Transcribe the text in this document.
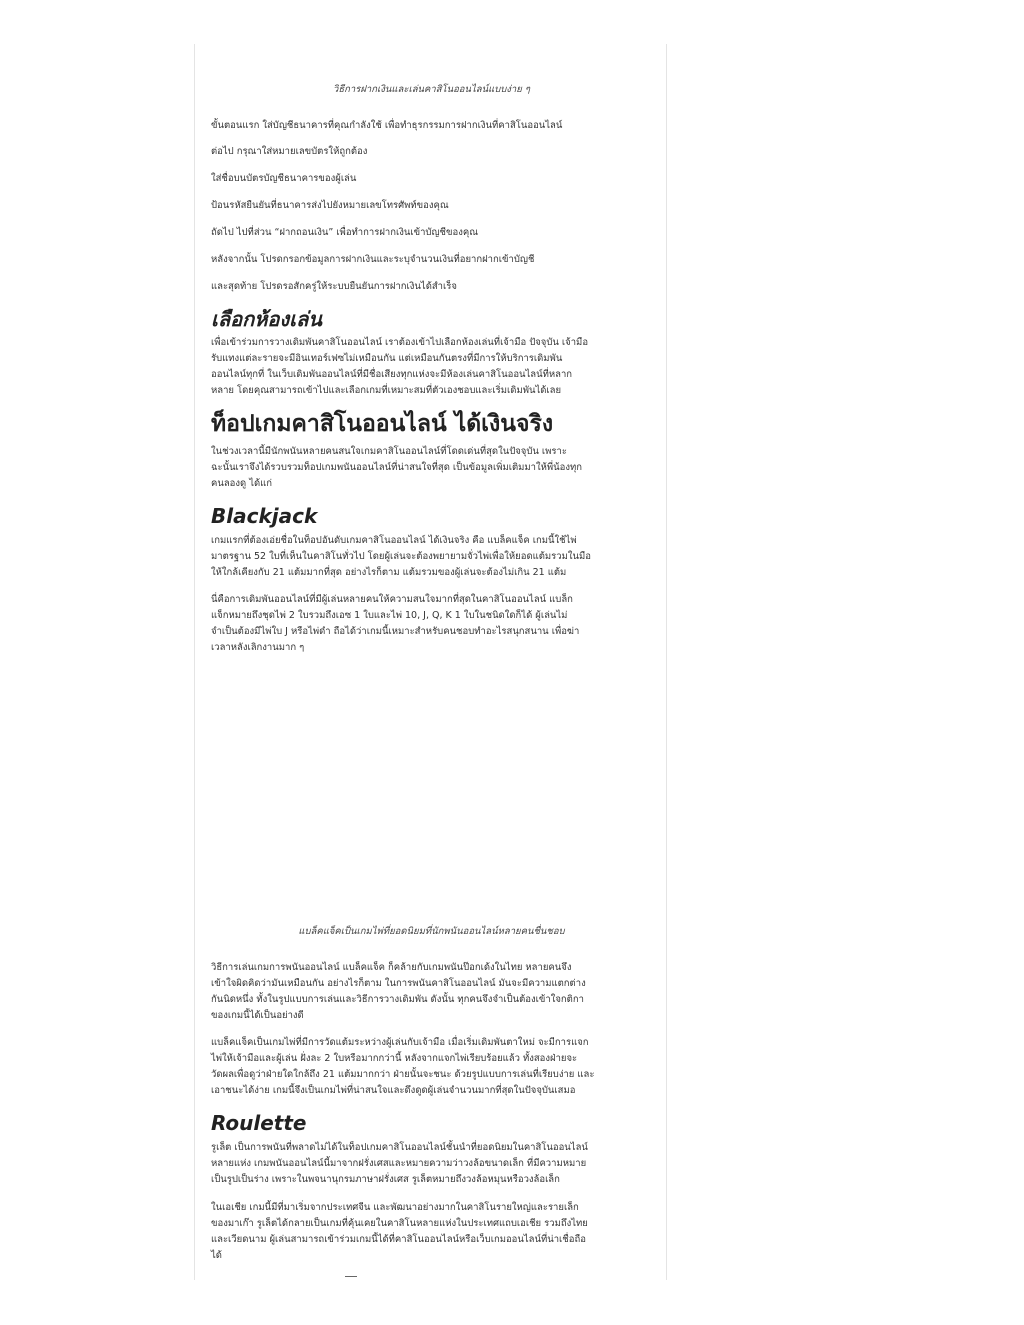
วิธีการฝากเงินและเล่นคาสิโนออนไลน์แบบง่าย ๆ

ขั้นตอนแรก ใส่บัญชีธนาคารที่คุณกำลังใช้ เพื่อทำธุรกรรมการฝากเงินที่คาสิโนออนไลน์

ต่อไป กรุณาใส่หมายเลขบัตรให้ถูกต้อง

ใส่ชื่อบนบัตรบัญชีธนาคารของผู้เล่น

ป้อนรหัสยืนยันที่ธนาคารส่งไปยังหมายเลขโทรศัพท์ของคุณ

ถัดไป ไปที่ส่วน “ฝากถอนเงิน” เพื่อทำการฝากเงินเข้าบัญชีของคุณ

หลังจากนั้น โปรดกรอกข้อมูลการฝากเงินและระบุจำนวนเงินที่อยากฝากเข้าบัญชี

และสุดท้าย โปรดรอสักครู่ให้ระบบยืนยันการฝากเงินได้สำเร็จ

เลือกห้องเล่น

เพื่อเข้าร่วมการวางเดิมพันคาสิโนออนไลน์ เราต้องเข้าไปเลือกห้องเล่นที่เจ้ามือ ปัจจุบัน เจ้ามือ

รับแทงแต่ละรายจะมีอินเทอร์เฟซไม่เหมือนกัน แต่เหมือนกันตรงที่มีการให้บริการเดิมพัน

ออนไลน์ทุกที่ ในเว็บเดิมพันออนไลน์ที่มีชื่อเสียงทุกแห่งจะมีห้องเล่นคาสิโนออนไลน์ที่หลาก

หลาย โดยคุณสามารถเข้าไปและเลือกเกมที่เหมาะสมที่ตัวเองชอบและเริ่มเดิมพันได้เลย

ท็อปเกมคาสิโนออนไลน์ ได้เงินจริง

ในช่วงเวลานี้มีนักพนันหลายคนสนใจเกมคาสิโนออนไลน์ที่โดดเด่นที่สุดในปัจจุบัน เพราะ

ฉะนั้นเราจึงได้รวบรวมท็อปเกมพนันออนไลน์ที่น่าสนใจที่สุด เป็นข้อมูลเพิ่มเติมมาให้พี่น้องทุก

คนลองดู ได้แก่

Blackjack

เกมแรกที่ต้องเอ่ยชื่อในท็อปอันดับเกมคาสิโนออนไลน์ ได้เงินจริง คือ แบล็คแจ็ค เกมนี้ใช้ไพ่

มาตรฐาน 52 ใบที่เห็นในคาสิโนทั่วไป โดยผู้เล่นจะต้องพยายามจั่วไพ่เพื่อให้ยอดแต้มรวมในมือ

ให้ใกล้เคียงกับ 21 แต้มมากที่สุด อย่างไรก็ตาม แต้มรวมของผู้เล่นจะต้องไม่เกิน 21 แต้ม

นี่คือการเดิมพันออนไลน์ที่มีผู้เล่นหลายคนให้ความสนใจมากที่สุดในคาสิโนออนไลน์ แบล็ก

แจ็กหมายถึงชุดไพ่ 2 ใบรวมถึงเอซ 1 ใบและไพ่ 10, J, Q, K 1 ใบในชนิดใดก็ได้ ผู้เล่นไม่

จำเป็นต้องมีไพ่ใบ J หรือไพ่ดำ ถือได้ว่าเกมนี้เหมาะสำหรับคนชอบทำอะไรสนุกสนาน เพื่อฆ่า

เวลาหลังเลิกงานมาก ๆ

แบล็คแจ็คเป็นเกมไพ่ที่ยอดนิยมที่นักพนันออนไลน์หลายคนชื่นชอบ

วิธีการเล่นเกมการพนันออนไลน์ แบล็คแจ็ค ก็คล้ายกับเกมพนันป๊อกเด้งในไทย หลายคนจึง

เข้าใจผิดคิดว่ามันเหมือนกัน อย่างไรก็ตาม ในการพนันคาสิโนออนไลน์ มันจะมีความแตกต่าง

กันนิดหนึ่ง ทั้งในรูปแบบการเล่นและวิธีการวางเดิมพัน ดังนั้น ทุกคนจึงจำเป็นต้องเข้าใจกติกา

ของเกมนี้ได้เป็นอย่างดี

แบล็คแจ็คเป็นเกมไพ่ที่มีการวัดแต้มระหว่างผู้เล่นกับเจ้ามือ เมื่อเริ่มเดิมพันตาใหม่ จะมีการแจก

ไพ่ให้เจ้ามือและผู้เล่น ฝั่งละ 2 ใบหรือมากกว่านี้ หลังจากแจกไพ่เรียบร้อยแล้ว ทั้งสองฝ่ายจะ

วัดผลเพื่อดูว่าฝ่ายใดใกล้ถึง 21 แต้มมากกว่า ฝ่ายนั้นจะชนะ ด้วยรูปแบบการเล่นที่เรียบง่าย และ

เอาชนะได้ง่าย เกมนี้จึงเป็นเกมไพ่ที่น่าสนใจและดึงดูดผู้เล่นจำนวนมากที่สุดในปัจจุบันเสมอ

Roulette

รูเล็ต เป็นการพนันที่พลาดไม่ได้ในท็อปเกมคาสิโนออนไลน์ชั้นนำที่ยอดนิยมในคาสิโนออนไลน์

หลายแห่ง เกมพนันออนไลน์นี้มาจากฝรั่งเศสและหมายความว่าวงล้อขนาดเล็ก ที่มีความหมาย

เป็นรูปเป็นร่าง เพราะในพจนานุกรมภาษาฝรั่งเศส รูเล็ตหมายถึงวงล้อหมุนหรือวงล้อเล็ก

ในเอเชีย เกมนี้มีที่มาเริ่มจากประเทศจีน และพัฒนาอย่างมากในคาสิโนรายใหญ่และรายเล็ก

ของมาเก๊า รูเล็ตได้กลายเป็นเกมที่คุ้นเคยในคาสิโนหลายแห่งในประเทศแถบเอเชีย รวมถึงไทย

และเวียดนาม ผู้เล่นสามารถเข้าร่วมเกมนี้ได้ที่คาสิโนออนไลน์หรือเว็บเกมออนไลน์ที่น่าเชื่อถือ

ได้
